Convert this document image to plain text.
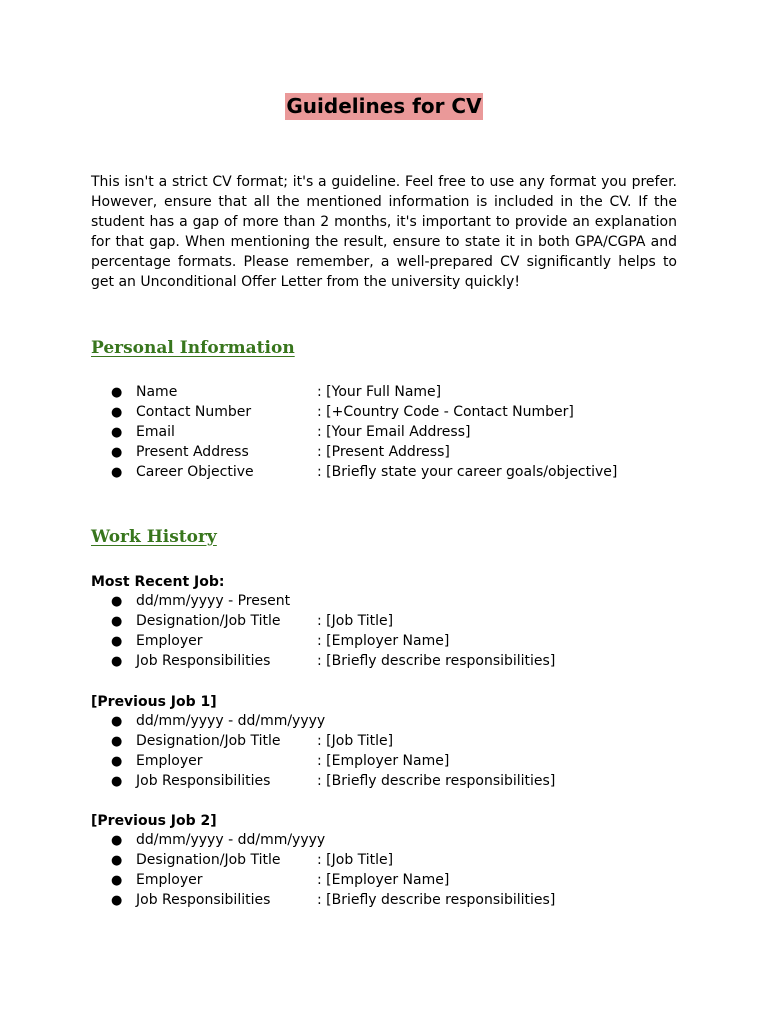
Guidelines for CV

This isn't a strict CV format; it's a guideline. Feel free to use any format you prefer. However, ensure that all the mentioned information is included in the CV. If the student has a gap of more than 2 months, it's important to provide an explanation for that gap. When mentioning the result, ensure to state it in both GPA/CGPA and percentage formats. Please remember, a well-prepared CV significantly helps to get an Unconditional Offer Letter from the university quickly!

Personal Information
● Name	: [Your Full Name]
● Contact Number	: [+Country Code - Contact Number]
● Email	: [Your Email Address]
● Present Address	: [Present Address]
● Career Objective	: [Briefly state your career goals/objective]
Work History
Most Recent Job:
● dd/mm/yyyy - Present
● Designation/Job Title	: [Job Title]
● Employer	: [Employer Name]
● Job Responsibilities	: [Briefly describe responsibilities]
[Previous Job 1]
● dd/mm/yyyy - dd/mm/yyyy
● Designation/Job Title	: [Job Title]
● Employer	: [Employer Name]
● Job Responsibilities	: [Briefly describe responsibilities]
[Previous Job 2]
● dd/mm/yyyy - dd/mm/yyyy
● Designation/Job Title	: [Job Title]
● Employer	: [Employer Name]
● Job Responsibilities	: [Briefly describe responsibilities]
